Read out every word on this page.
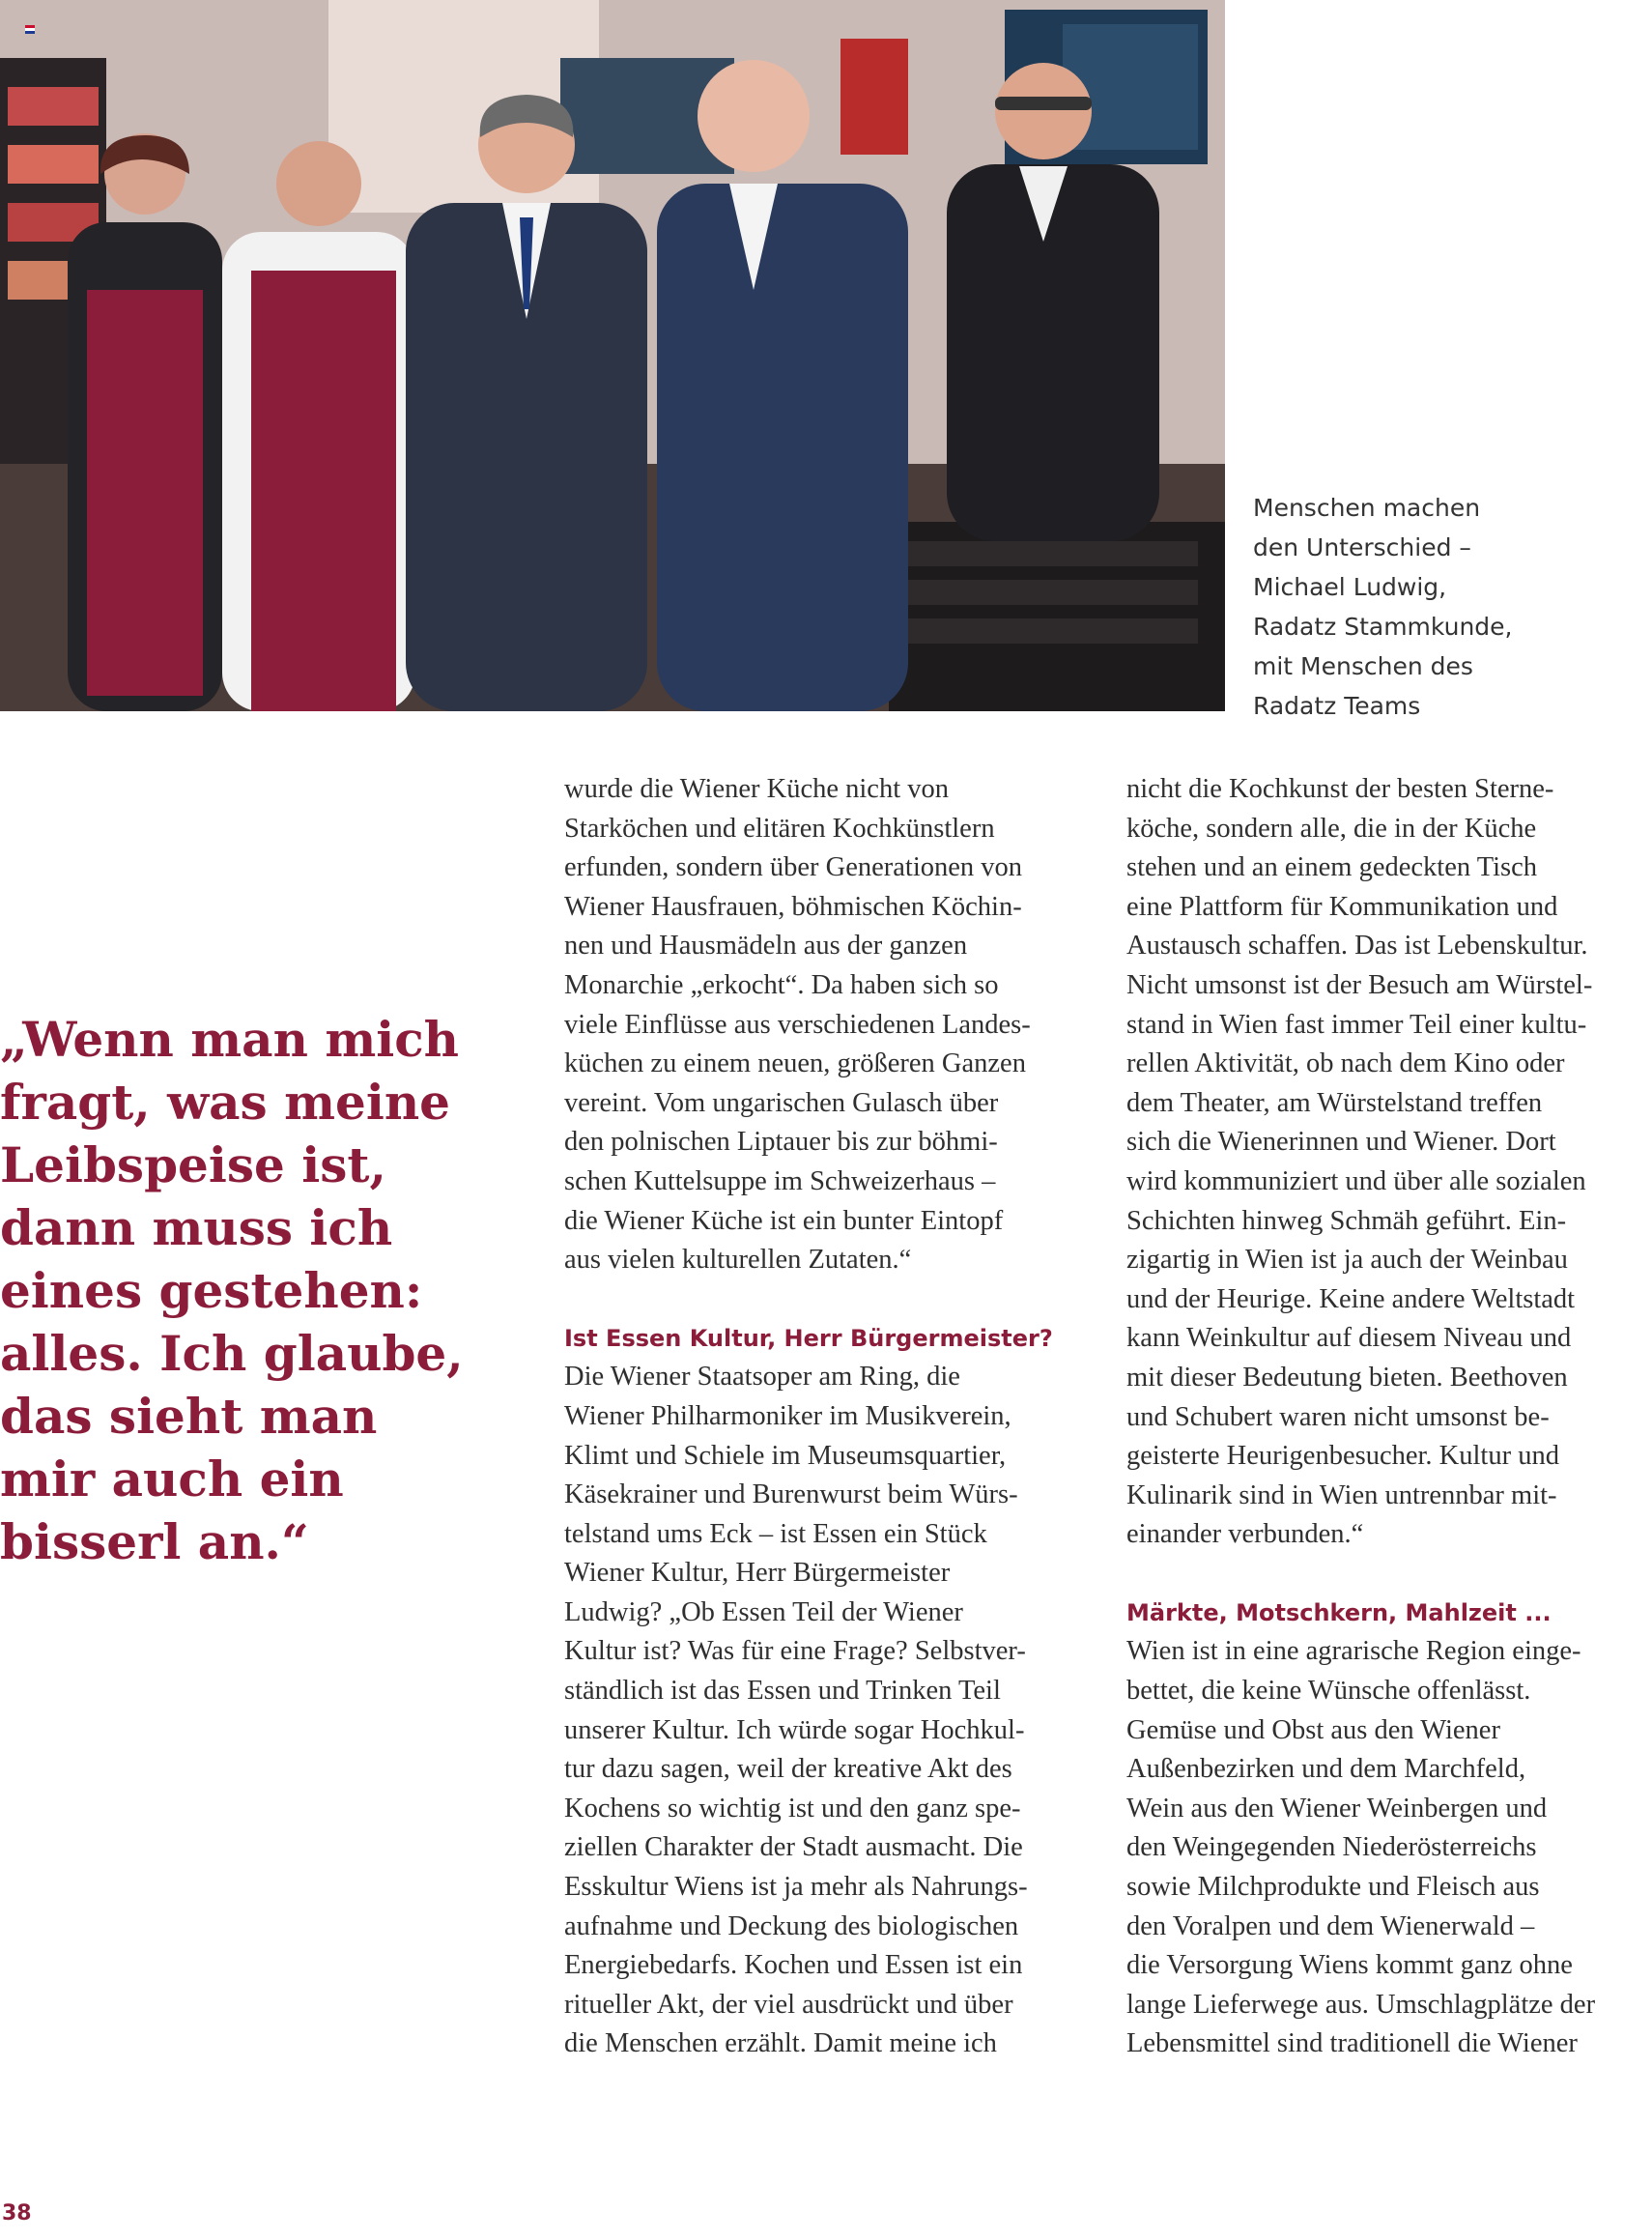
Menschen machen
den Unterschied –
Michael Ludwig,
Radatz Stammkunde,
mit Menschen des
Radatz Teams
„Wenn man mich
fragt, was meine
Leibspeise ist,
dann muss ich
eines gestehen:
alles. Ich glaube,
das sieht man
mir auch ein
bisserl an.“
wurde die Wiener Küche nicht von
Starköchen und elitären Kochkünstlern
erfunden, sondern über Generationen von
Wiener Hausfrauen, böhmischen Köchin-
nen und Hausmädeln aus der ganzen
Monarchie „erkocht“. Da haben sich so
viele Einflüsse aus verschiedenen Landes-
küchen zu einem neuen, größeren Ganzen
vereint. Vom ungarischen Gulasch über
den polnischen Liptauer bis zur böhmi-
schen Kuttelsuppe im Schweizerhaus –
die Wiener Küche ist ein bunter Eintopf
aus vielen kulturellen Zutaten.“
Ist Essen Kultur, Herr Bürgermeister?
Die Wiener Staatsoper am Ring, die
Wiener Philharmoniker im Musikverein,
Klimt und Schiele im Museumsquartier,
Käsekrainer und Burenwurst beim Würs-
telstand ums Eck – ist Essen ein Stück
Wiener Kultur, Herr Bürgermeister
Ludwig? „Ob Essen Teil der Wiener
Kultur ist? Was für eine Frage? Selbstver-
ständlich ist das Essen und Trinken Teil
unserer Kultur. Ich würde sogar Hochkul-
tur dazu sagen, weil der kreative Akt des
Kochens so wichtig ist und den ganz spe-
ziellen Charakter der Stadt ausmacht. Die
Esskultur Wiens ist ja mehr als Nahrungs-
aufnahme und Deckung des biologischen
Energiebedarfs. Kochen und Essen ist ein
ritueller Akt, der viel ausdrückt und über
die Menschen erzählt. Damit meine ich
nicht die Kochkunst der besten Sterne-
köche, sondern alle, die in der Küche
stehen und an einem gedeckten Tisch
eine Plattform für Kommunikation und
Austausch schaffen. Das ist Lebenskultur.
Nicht umsonst ist der Besuch am Würstel-
stand in Wien fast immer Teil einer kultu-
rellen Aktivität, ob nach dem Kino oder
dem Theater, am Würstelstand treffen
sich die Wienerinnen und Wiener. Dort
wird kommuniziert und über alle sozialen
Schichten hinweg Schmäh geführt. Ein-
zigartig in Wien ist ja auch der Weinbau
und der Heurige. Keine andere Weltstadt
kann Weinkultur auf diesem Niveau und
mit dieser Bedeutung bieten. Beethoven
und Schubert waren nicht umsonst be-
geisterte Heurigenbesucher. Kultur und
Kulinarik sind in Wien untrennbar mit-
einander verbunden.“
Märkte, Motschkern, Mahlzeit ...
Wien ist in eine agrarische Region einge-
bettet, die keine Wünsche offenlässt.
Gemüse und Obst aus den Wiener
Außenbezirken und dem Marchfeld,
Wein aus den Wiener Weinbergen und
den Weingegenden Niederösterreichs
sowie Milchprodukte und Fleisch aus
den Voralpen und dem Wienerwald –
die Versorgung Wiens kommt ganz ohne
lange Lieferwege aus. Umschlagplätze der
Lebensmittel sind traditionell die Wiener
38
